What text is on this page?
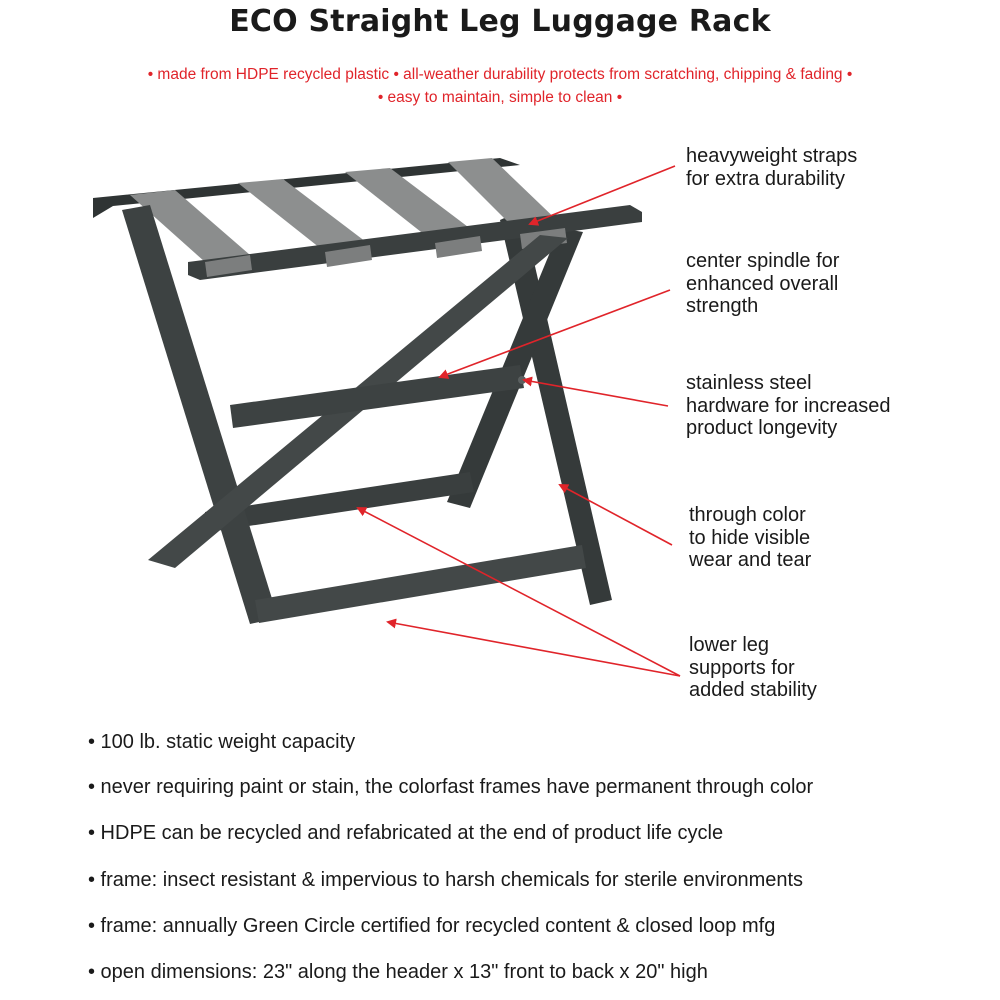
ECO Straight Leg Luggage Rack
• made from HDPE recycled plastic • all-weather durability protects from scratching, chipping & fading •
• easy to maintain, simple to clean •
heavyweight straps
for extra durability
center spindle for
enhanced overall
strength
stainless steel
hardware for increased
product longevity
through color
to hide visible
wear and tear
lower leg
supports for
added stability
• 100 lb. static weight capacity
• never requiring paint or stain, the colorfast frames have permanent through color
• HDPE can be recycled and refabricated at the end of product life cycle
• frame: insect resistant & impervious to harsh chemicals for sterile environments
• frame: annually Green Circle certified for recycled content & closed loop mfg
• open dimensions: 23" along the header x 13" front to back x 20" high
